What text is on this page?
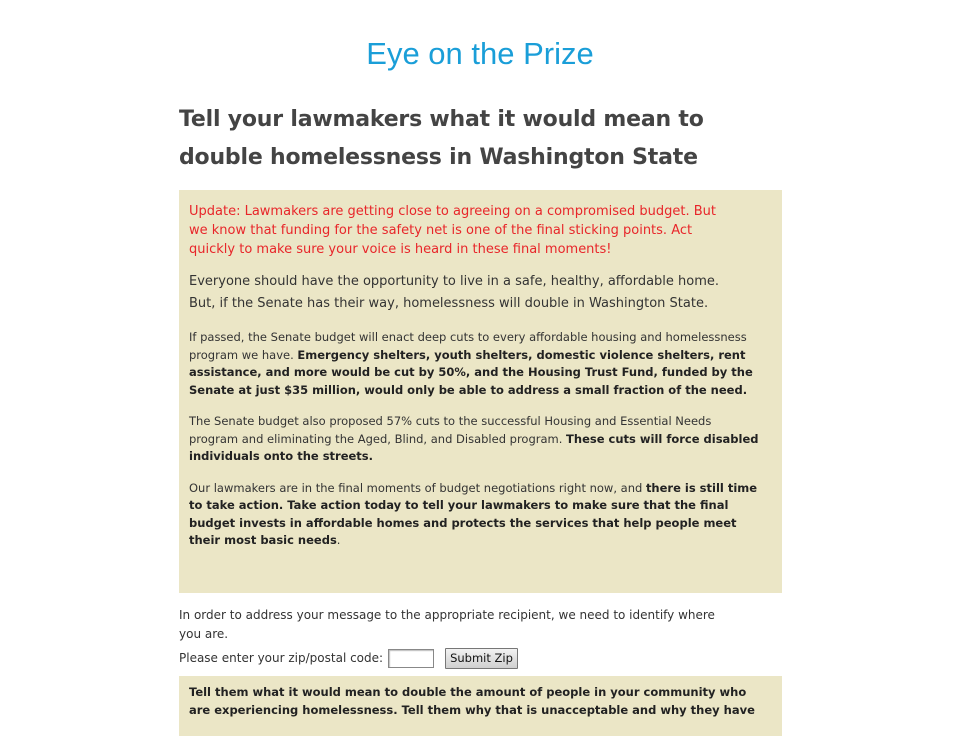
Eye on the Prize
Tell your lawmakers what it would mean to
double homelessness in Washington State
Update: Lawmakers are getting close to agreeing on a compromised budget. But
we know that funding for the safety net is one of the final sticking points. Act
quickly to make sure your voice is heard in these final moments!
Everyone should have the opportunity to live in a safe, healthy, affordable home.
But, if the Senate has their way, homelessness will double in Washington State.
If passed, the Senate budget will enact deep cuts to every affordable housing and homelessness
program we have. Emergency shelters, youth shelters, domestic violence shelters, rent
assistance, and more would be cut by 50%, and the Housing Trust Fund, funded by the
Senate at just $35 million, would only be able to address a small fraction of the need.
The Senate budget also proposed 57% cuts to the successful Housing and Essential Needs
program and eliminating the Aged, Blind, and Disabled program. These cuts will force disabled
individuals onto the streets.
Our lawmakers are in the final moments of budget negotiations right now, and there is still time
to take action. Take action today to tell your lawmakers to make sure that the final
budget invests in affordable homes and protects the services that help people meet
their most basic needs.
In order to address your message to the appropriate recipient, we need to identify where
you are.
Please enter your zip/postal code:	Submit Zip
Tell them what it would mean to double the amount of people in your community who
are experiencing homelessness. Tell them why that is unacceptable and why they have
